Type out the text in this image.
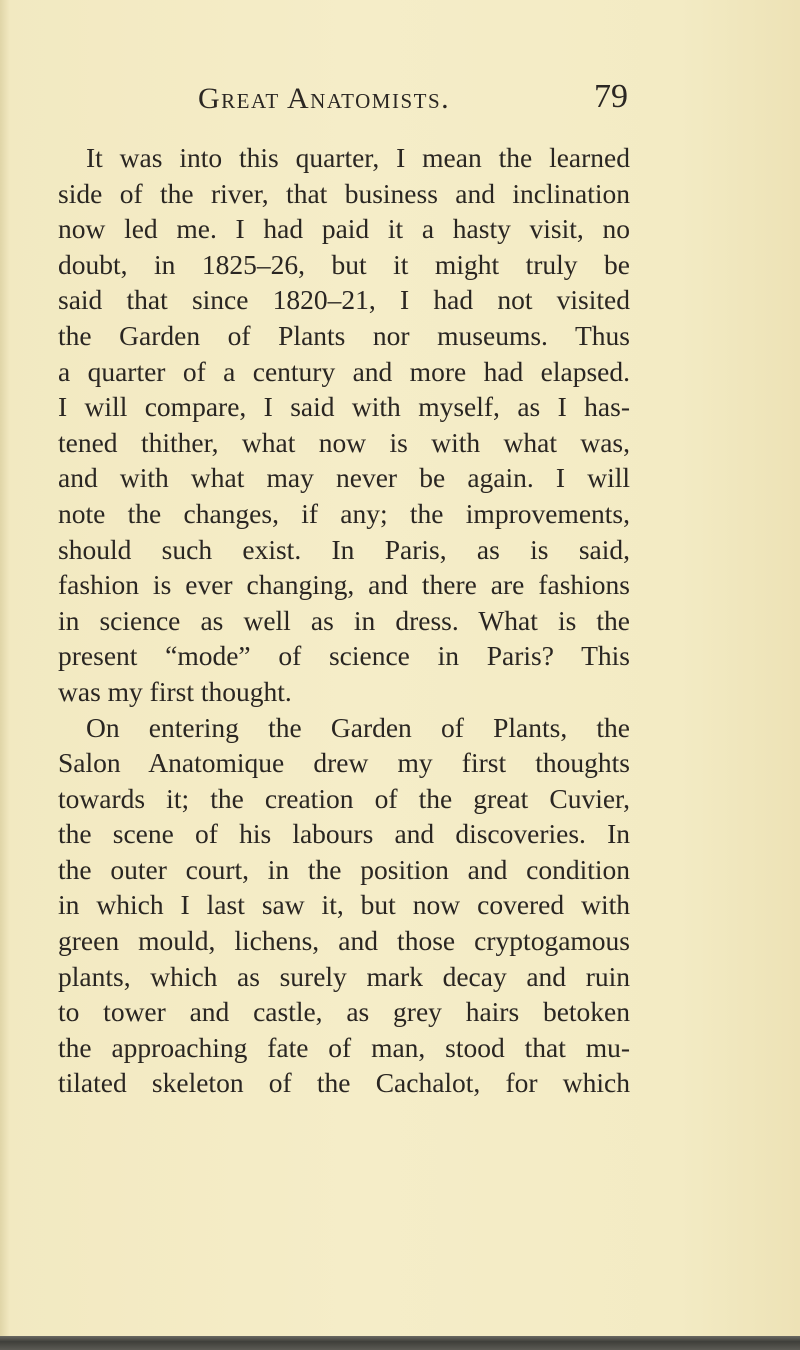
Great Anatomists.	79
It was into this quarter, I mean the learned
side of the river, that business and inclination
now led me. I had paid it a hasty visit, no
doubt, in 1825–26, but it might truly be
said that since 1820–21, I had not visited
the Garden of Plants nor museums. Thus
a quarter of a century and more had elapsed.
I will compare, I said with myself, as I has-
tened thither, what now is with what was,
and with what may never be again. I will
note the changes, if any; the improvements,
should such exist. In Paris, as is said,
fashion is ever changing, and there are fashions
in science as well as in dress. What is the
present “mode” of science in Paris? This
was my first thought.
On entering the Garden of Plants, the
Salon Anatomique drew my first thoughts
towards it; the creation of the great Cuvier,
the scene of his labours and discoveries. In
the outer court, in the position and condition
in which I last saw it, but now covered with
green mould, lichens, and those cryptogamous
plants, which as surely mark decay and ruin
to tower and castle, as grey hairs betoken
the approaching fate of man, stood that mu-
tilated skeleton of the Cachalot, for which
